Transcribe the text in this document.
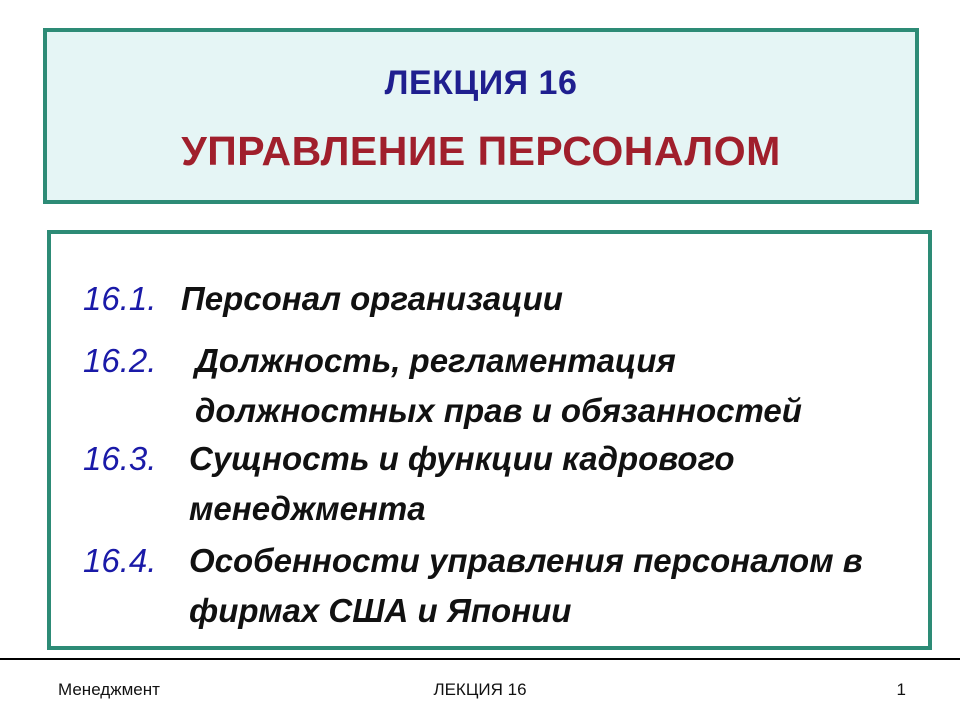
ЛЕКЦИЯ 16
УПРАВЛЕНИЕ ПЕРСОНАЛОМ
16.1. Персонал организации
16.2.	Должность, регламентация должностных прав и обязанностей
16.3. Сущность и функции кадрового менеджмента
16.4. Особенности управления персоналом в фирмах США и Японии
Менеджмент	ЛЕКЦИЯ 16	1
